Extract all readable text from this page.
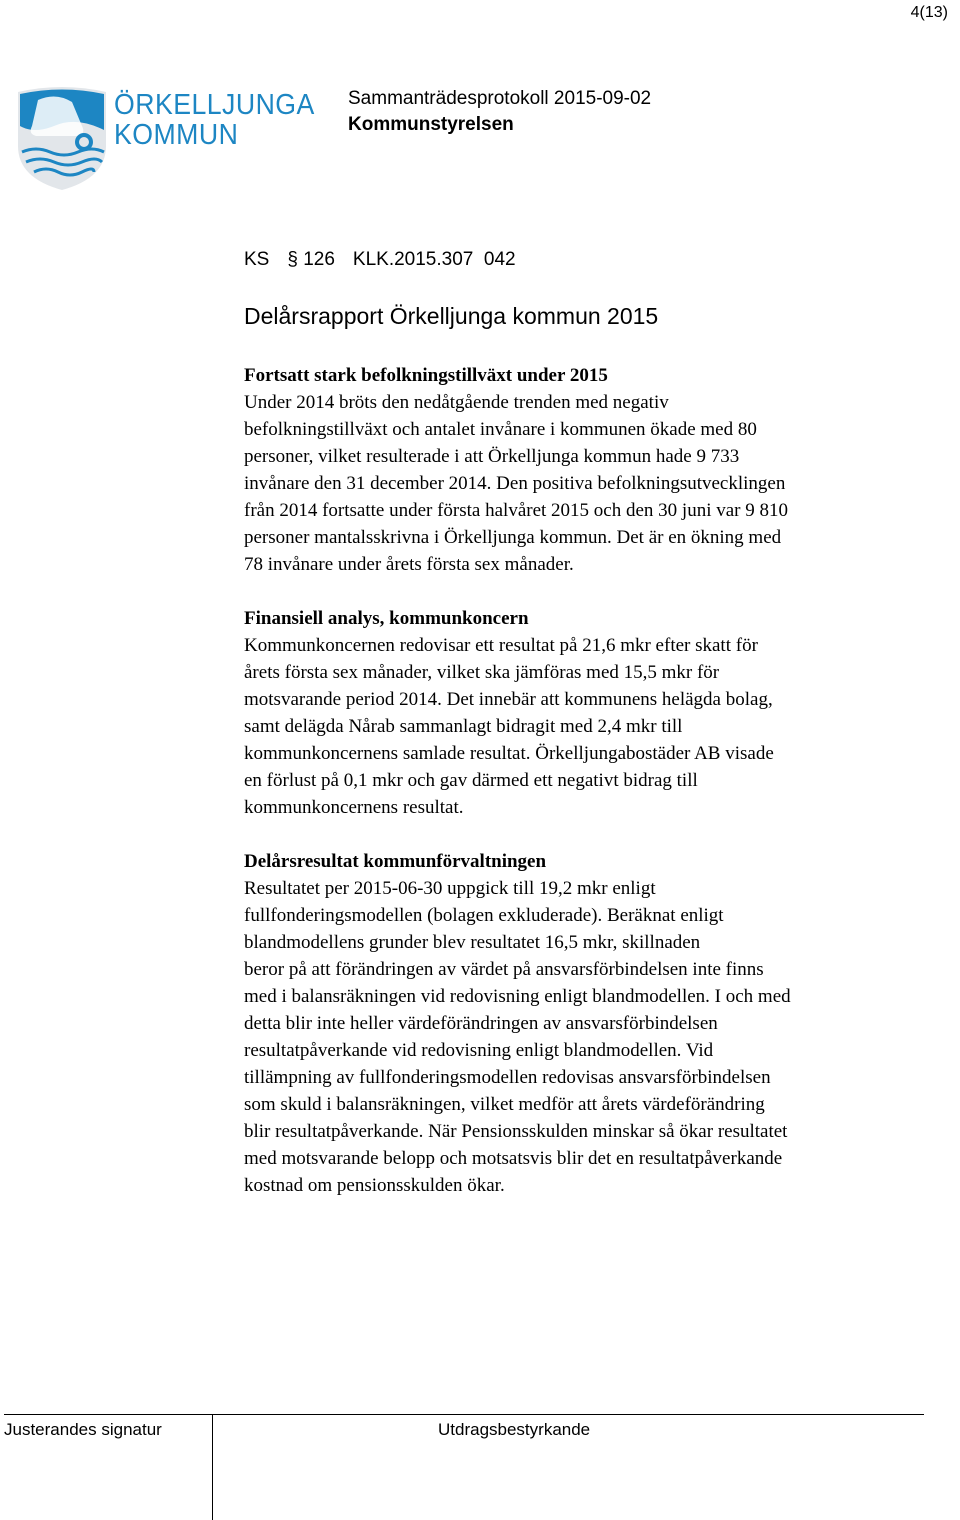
4(13)
ÖRKELLJUNGA
KOMMUN
Sammanträdesprotokoll 2015-09-02
Kommunstyrelsen
KS § 126 KLK.2015.307  042
Delårsrapport Örkelljunga kommun 2015
Fortsatt stark befolkningstillväxt under 2015
Under 2014 bröts den nedåtgående trenden med negativ
befolkningstillväxt och antalet invånare i kommunen ökade med 80
personer, vilket resulterade i att Örkelljunga kommun hade 9 733
invånare den 31 december 2014. Den positiva befolkningsutvecklingen
från 2014 fortsatte under första halvåret 2015 och den 30 juni var 9 810
personer mantalsskrivna i Örkelljunga kommun. Det är en ökning med
78 invånare under årets första sex månader.
Finansiell analys, kommunkoncern
Kommunkoncernen redovisar ett resultat på 21,6 mkr efter skatt för
årets första sex månader, vilket ska jämföras med 15,5 mkr för
motsvarande period 2014. Det innebär att kommunens helägda bolag,
samt delägda Nårab sammanlagt bidragit med 2,4 mkr till
kommunkoncernens samlade resultat. Örkelljungabostäder AB visade
en förlust på 0,1 mkr och gav därmed ett negativt bidrag till
kommunkoncernens resultat.
Delårsresultat kommunförvaltningen
Resultatet per 2015-06-30 uppgick till 19,2 mkr enligt
fullfonderingsmodellen (bolagen exkluderade). Beräknat enligt
blandmodellens grunder blev resultatet 16,5 mkr, skillnaden
beror på att förändringen av värdet på ansvarsförbindelsen inte finns
med i balansräkningen vid redovisning enligt blandmodellen. I och med
detta blir inte heller värdeförändringen av ansvarsförbindelsen
resultatpåverkande vid redovisning enligt blandmodellen. Vid
tillämpning av fullfonderingsmodellen redovisas ansvarsförbindelsen
som skuld i balansräkningen, vilket medför att årets värdeförändring
blir resultatpåverkande. När Pensionsskulden minskar så ökar resultatet
med motsvarande belopp och motsatsvis blir det en resultatpåverkande
kostnad om pensionsskulden ökar.
Justerandes signatur	Utdragsbestyrkande
